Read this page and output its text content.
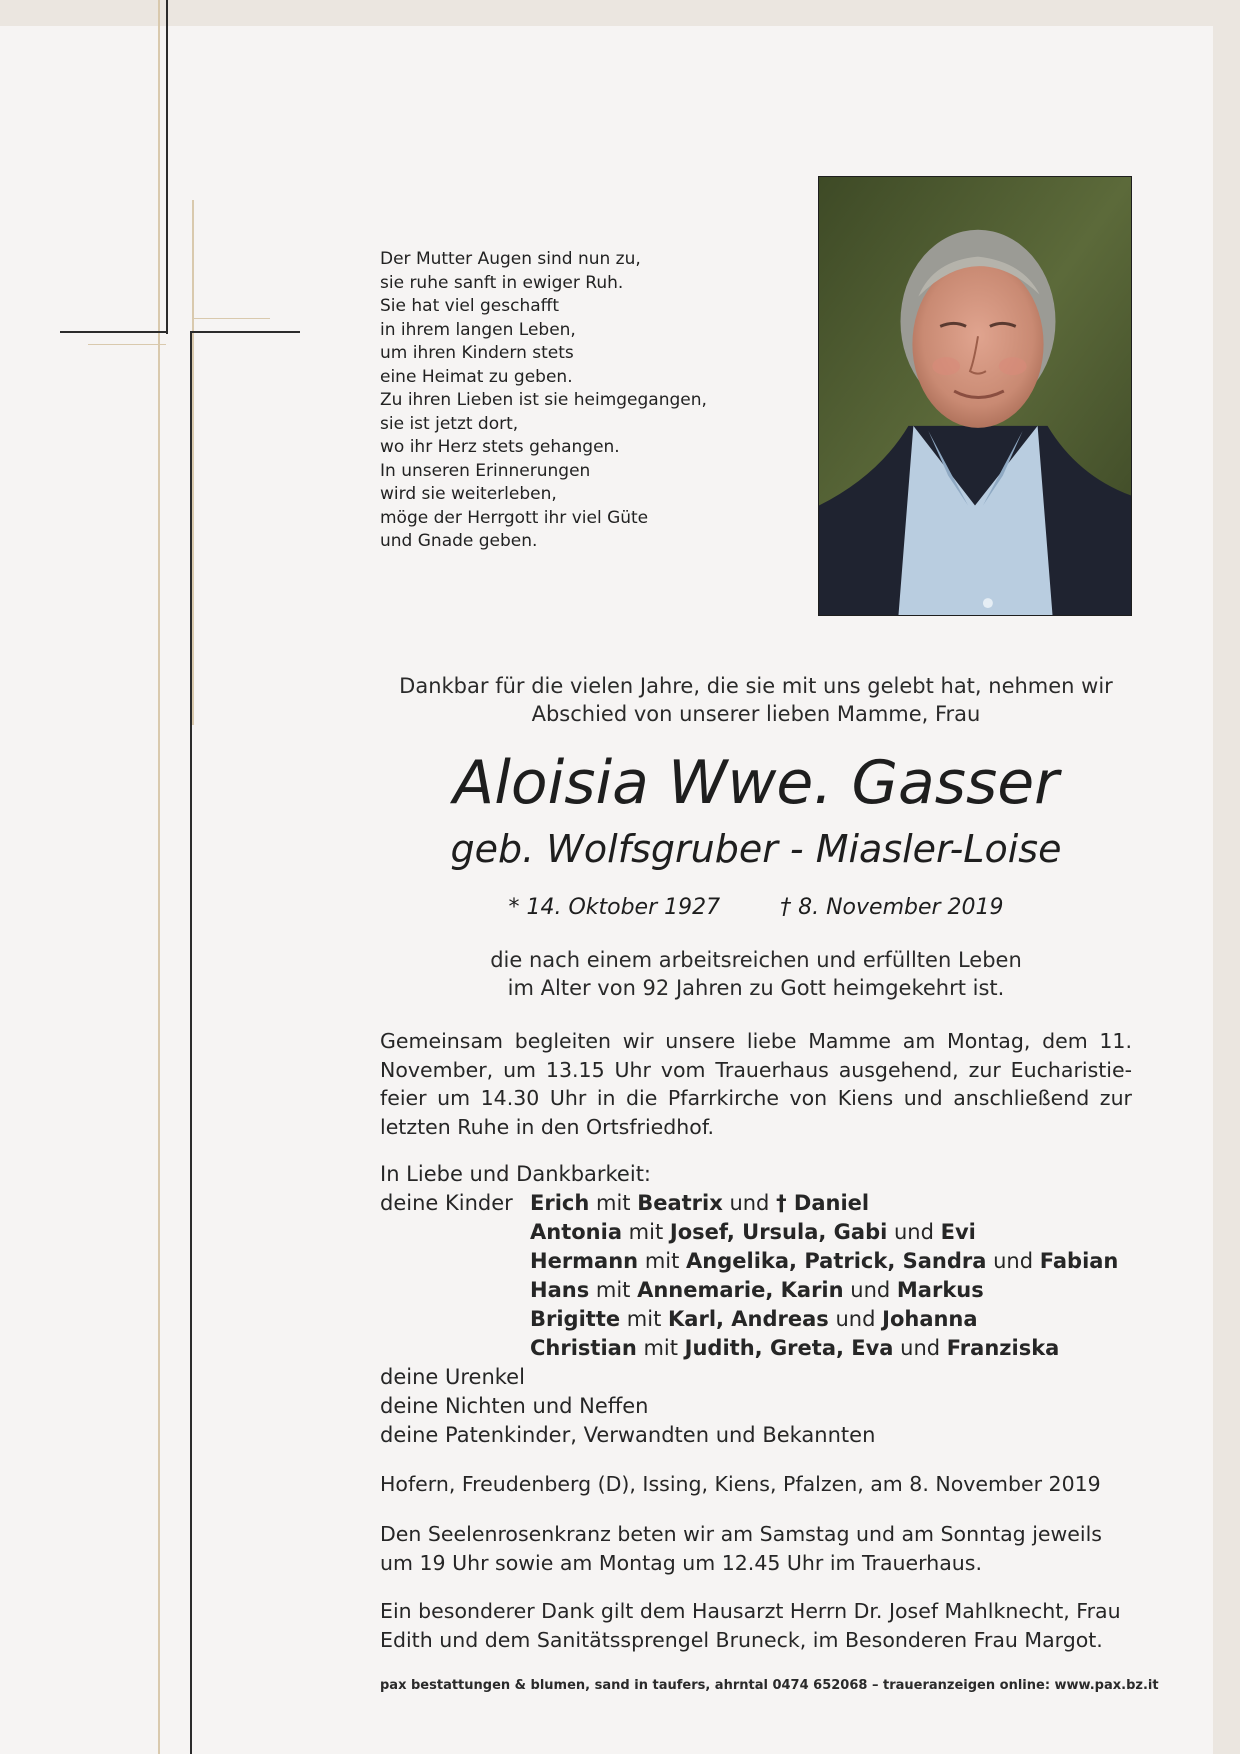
Der Mutter Augen sind nun zu,
sie ruhe sanft in ewiger Ruh.
Sie hat viel geschafft
in ihrem langen Leben,
um ihren Kindern stets
eine Heimat zu geben.
Zu ihren Lieben ist sie heimgegangen,
sie ist jetzt dort,
wo ihr Herz stets gehangen.
In unseren Erinnerungen
wird sie weiterleben,
möge der Herrgott ihr viel Güte
und Gnade geben.
Dankbar für die vielen Jahre, die sie mit uns gelebt hat, nehmen wir
Abschied von unserer lieben Mamme, Frau
Aloisia Wwe. Gasser
geb. Wolfsgruber - Miasler-Loise
* 14. Oktober 1927	† 8. November 2019
die nach einem arbeitsreichen und erfüllten Leben
im Alter von 92 Jahren zu Gott heimgekehrt ist.
Gemeinsam begleiten wir unsere liebe Mamme am Montag, dem 11. November, um 13.15 Uhr vom Trauerhaus ausgehend, zur Eucharistiefeier um 14.30 Uhr in die Pfarrkirche von Kiens und anschließend zur letzten Ruhe in den Ortsfriedhof.
In Liebe und Dankbarkeit:
deine Kinder Erich mit Beatrix und † Daniel
Antonia mit Josef, Ursula, Gabi und Evi
Hermann mit Angelika, Patrick, Sandra und Fabian
Hans mit Annemarie, Karin und Markus
Brigitte mit Karl, Andreas und Johanna
Christian mit Judith, Greta, Eva und Franziska
deine Urenkel
deine Nichten und Neffen
deine Patenkinder, Verwandten und Bekannten
Hofern, Freudenberg (D), Issing, Kiens, Pfalzen, am 8. November 2019
Den Seelenrosenkranz beten wir am Samstag und am Sonntag jeweils um 19 Uhr sowie am Montag um 12.45 Uhr im Trauerhaus.
Ein besonderer Dank gilt dem Hausarzt Herrn Dr. Josef Mahlknecht, Frau Edith und dem Sanitätssprengel Bruneck, im Besonderen Frau Margot.
pax bestattungen & blumen, sand in taufers, ahrntal 0474 652068 – traueranzeigen online: www.pax.bz.it
